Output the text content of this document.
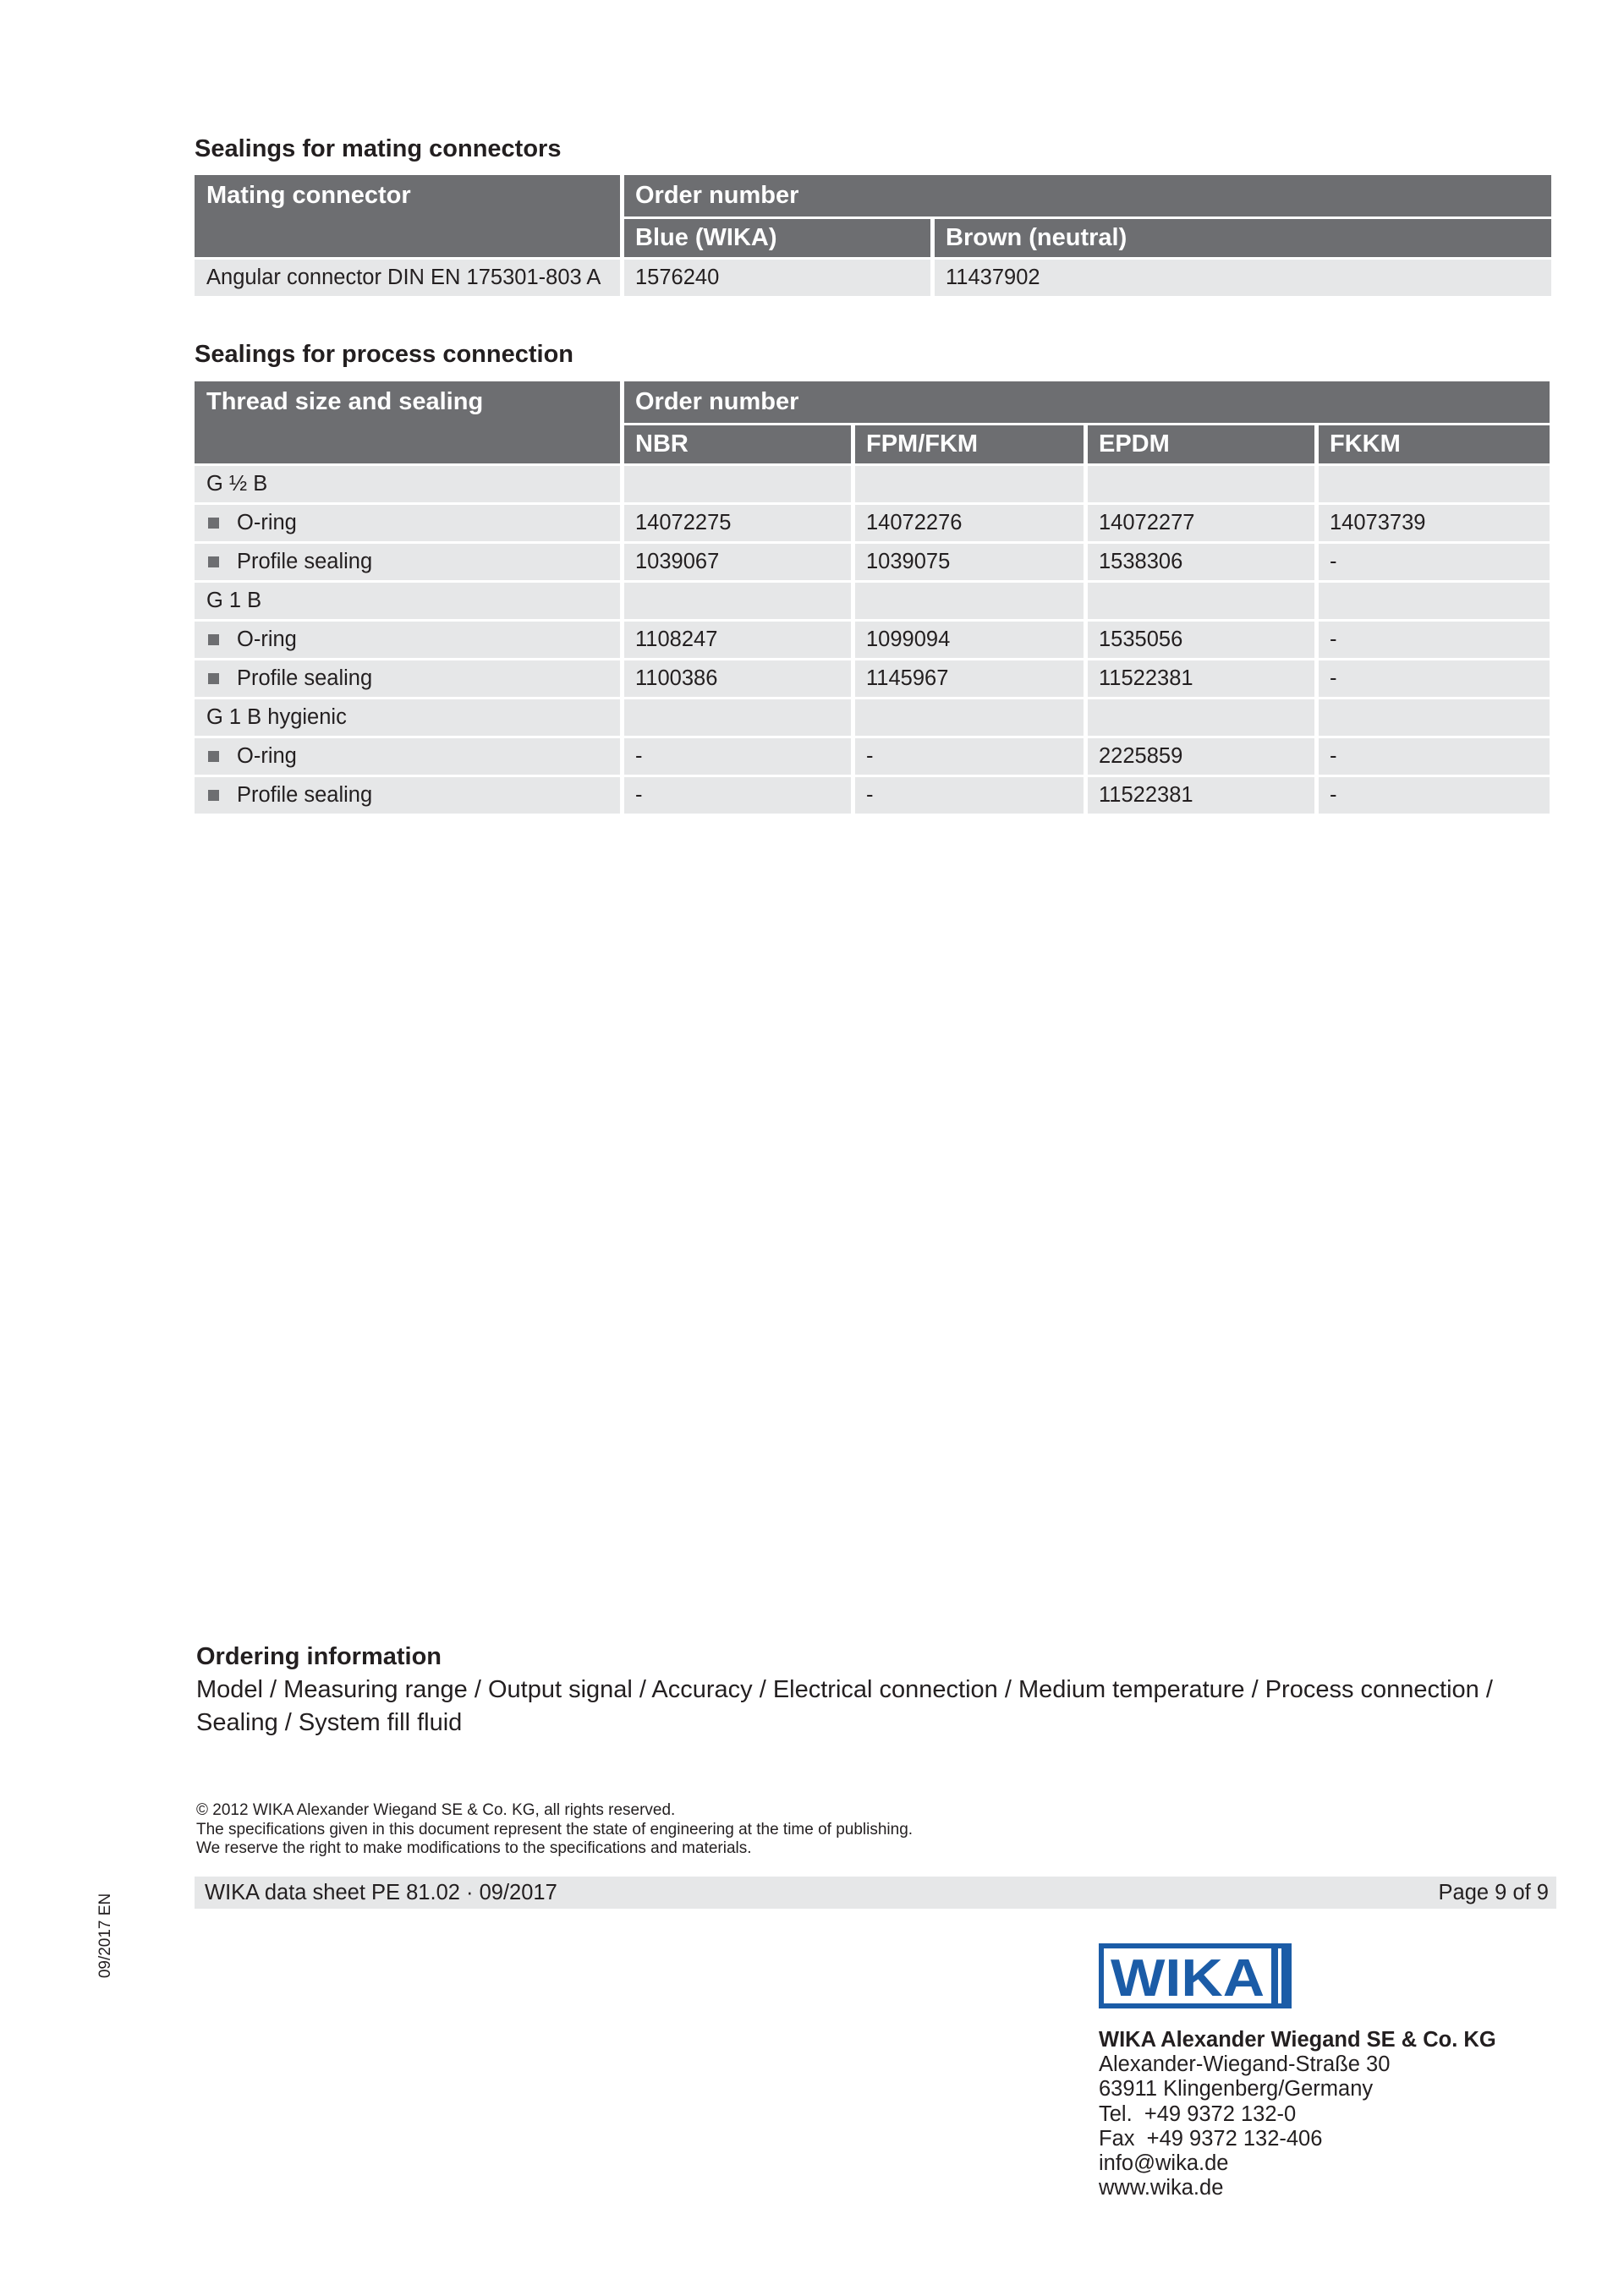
Sealings for mating connectors
Mating connector	Order number
Blue (WIKA)	Brown (neutral)
Angular connector DIN EN 175301-803 A	1576240	11437902
Sealings for process connection
Thread size and sealing	Order number
NBR	FPM/FKM	EPDM	FKKM
G ½ B
O-ring	14072275	14072276	14072277	14073739
Profile sealing	1039067	1039075	1538306	-
G 1 B
O-ring	1108247	1099094	1535056	-
Profile sealing	1100386	1145967	11522381	-
G 1 B hygienic
O-ring	-	-	2225859	-
Profile sealing	-	-	11522381	-
Ordering information
Model / Measuring range / Output signal / Accuracy / Electrical connection / Medium temperature / Process connection /
Sealing / System fill fluid
© 2012 WIKA Alexander Wiegand SE & Co. KG, all rights reserved.
The specifications given in this document represent the state of engineering at the time of publishing.
We reserve the right to make modifications to the specifications and materials.
WIKA data sheet PE 81.02 · 09/2017	Page 9 of 9
09/2017 EN
WIKA
WIKA Alexander Wiegand SE & Co. KG
Alexander-Wiegand-Straße 30
63911 Klingenberg/Germany
Tel.  +49 9372 132-0
Fax  +49 9372 132-406
info@wika.de
www.wika.de
